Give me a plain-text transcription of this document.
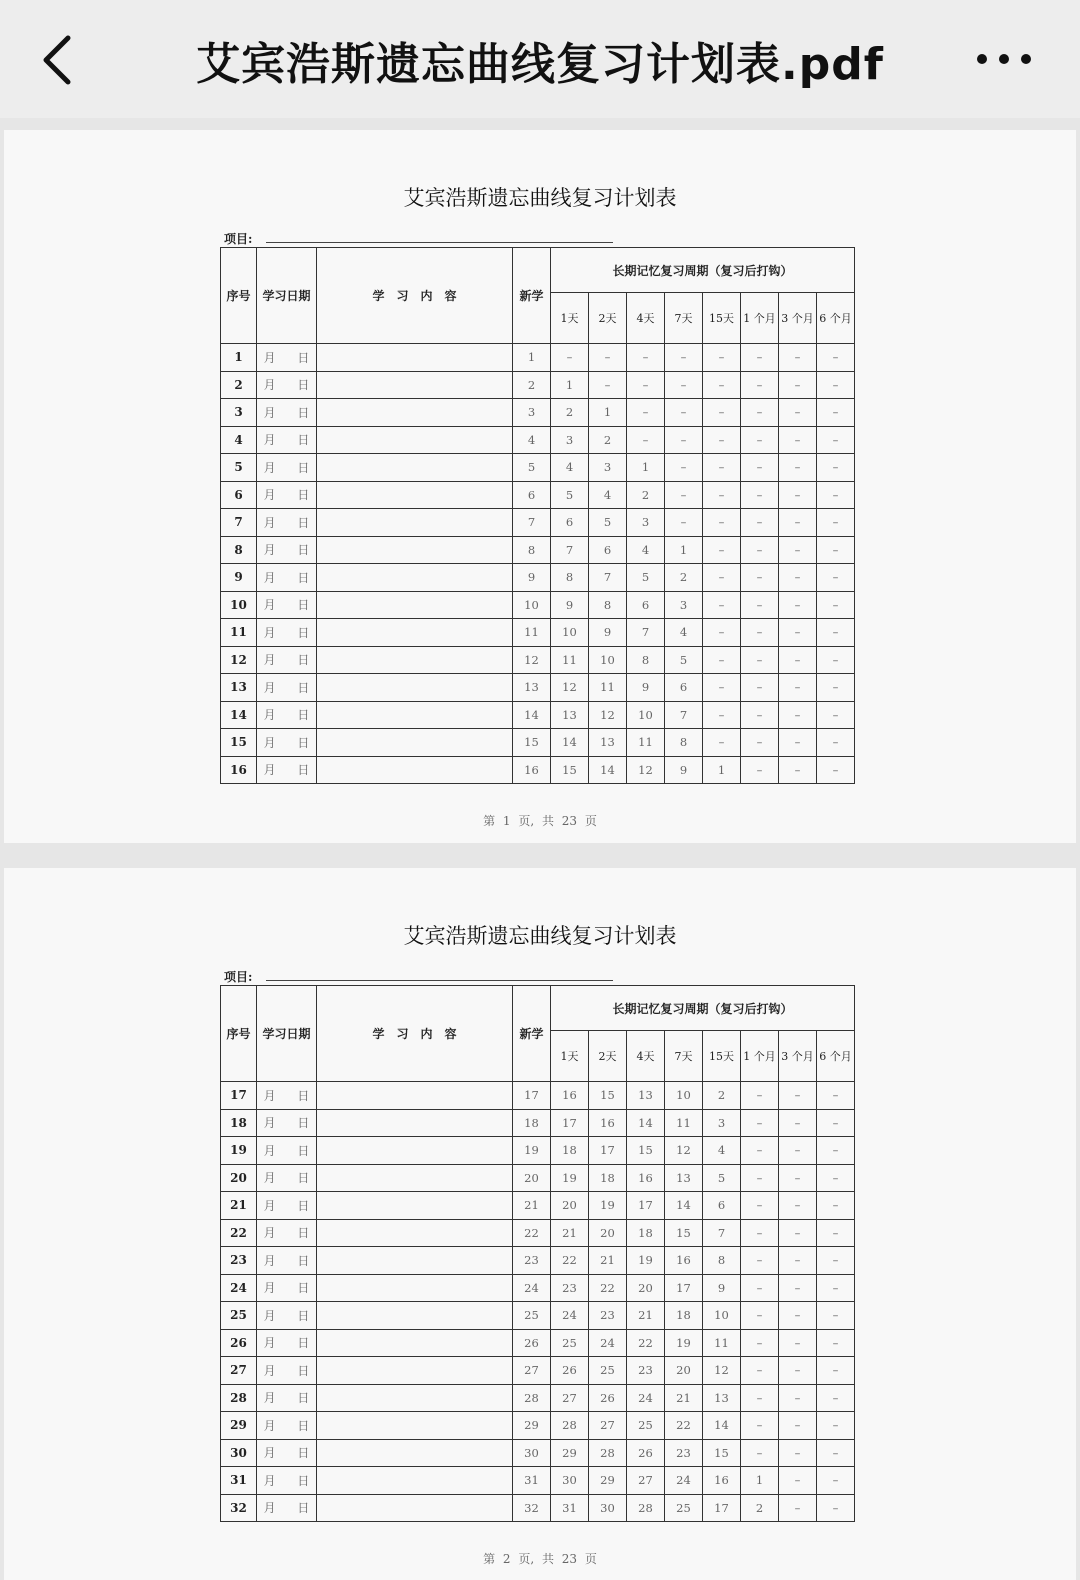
艾宾浩斯遗忘曲线复习计划表.pdf
艾宾浩斯遗忘曲线复习计划表
项目:
序号	学习日期	学　习　内　容	新学	长期记忆复习周期（复习后打钩）							
				1天	2天	4天	7天	15天	1 个月	3 个月	6 个月
1	月 日		1	–	–	–	–	–	–	–	–
2	月 日		2	1	–	–	–	–	–	–	–
3	月 日		3	2	1	–	–	–	–	–	–
4	月 日		4	3	2	–	–	–	–	–	–
5	月 日		5	4	3	1	–	–	–	–	–
6	月 日		6	5	4	2	–	–	–	–	–
7	月 日		7	6	5	3	–	–	–	–	–
8	月 日		8	7	6	4	1	–	–	–	–
9	月 日		9	8	7	5	2	–	–	–	–
10	月 日		10	9	8	6	3	–	–	–	–
11	月 日		11	10	9	7	4	–	–	–	–
12	月 日		12	11	10	8	5	–	–	–	–
13	月 日		13	12	11	9	6	–	–	–	–
14	月 日		14	13	12	10	7	–	–	–	–
15	月 日		15	14	13	11	8	–	–	–	–
16	月 日		16	15	14	12	9	1	–	–	–
第 1 页, 共 23 页
艾宾浩斯遗忘曲线复习计划表
项目:
序号	学习日期	学　习　内　容	新学	长期记忆复习周期（复习后打钩）							
				1天	2天	4天	7天	15天	1 个月	3 个月	6 个月
17	月 日		17	16	15	13	10	2	–	–	–
18	月 日		18	17	16	14	11	3	–	–	–
19	月 日		19	18	17	15	12	4	–	–	–
20	月 日		20	19	18	16	13	5	–	–	–
21	月 日		21	20	19	17	14	6	–	–	–
22	月 日		22	21	20	18	15	7	–	–	–
23	月 日		23	22	21	19	16	8	–	–	–
24	月 日		24	23	22	20	17	9	–	–	–
25	月 日		25	24	23	21	18	10	–	–	–
26	月 日		26	25	24	22	19	11	–	–	–
27	月 日		27	26	25	23	20	12	–	–	–
28	月 日		28	27	26	24	21	13	–	–	–
29	月 日		29	28	27	25	22	14	–	–	–
30	月 日		30	29	28	26	23	15	–	–	–
31	月 日		31	30	29	27	24	16	1	–	–
32	月 日		32	31	30	28	25	17	2	–	–
第 2 页, 共 23 页
